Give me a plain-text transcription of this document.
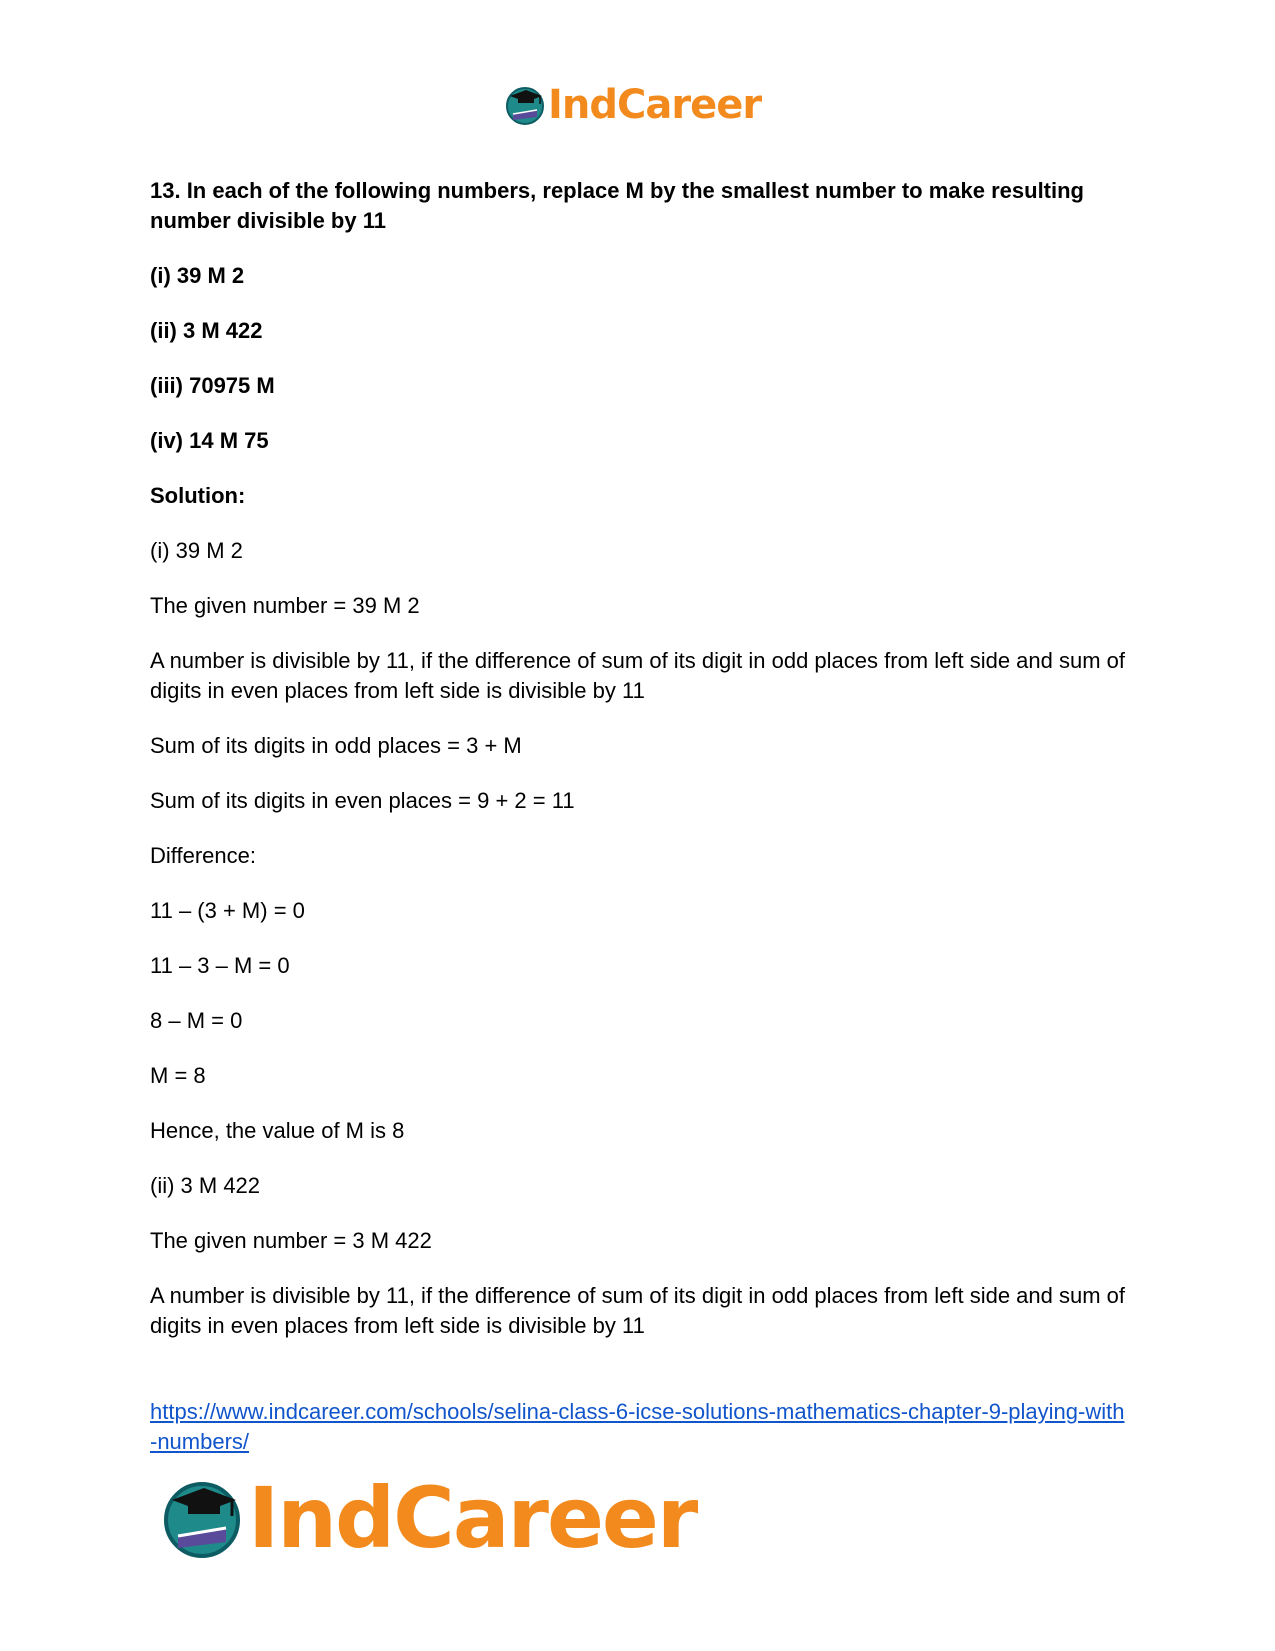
IndCareer

13. In each of the following numbers, replace M by the smallest number to make resulting number divisible by 11

(i) 39 M 2

(ii) 3 M 422

(iii) 70975 M

(iv) 14 M 75

Solution:

(i) 39 M 2

The given number = 39 M 2

A number is divisible by 11, if the difference of sum of its digit in odd places from left side and sum of digits in even places from left side is divisible by 11

Sum of its digits in odd places = 3 + M

Sum of its digits in even places = 9 + 2 = 11

Difference:

11 – (3 + M) = 0

11 – 3 – M = 0

8 – M = 0

M = 8

Hence, the value of M is 8

(ii) 3 M 422

The given number = 3 M 422

A number is divisible by 11, if the difference of sum of its digit in odd places from left side and sum of digits in even places from left side is divisible by 11

https://www.indcareer.com/schools/selina-class-6-icse-solutions-mathematics-chapter-9-playing-with-numbers/
IndCareer
